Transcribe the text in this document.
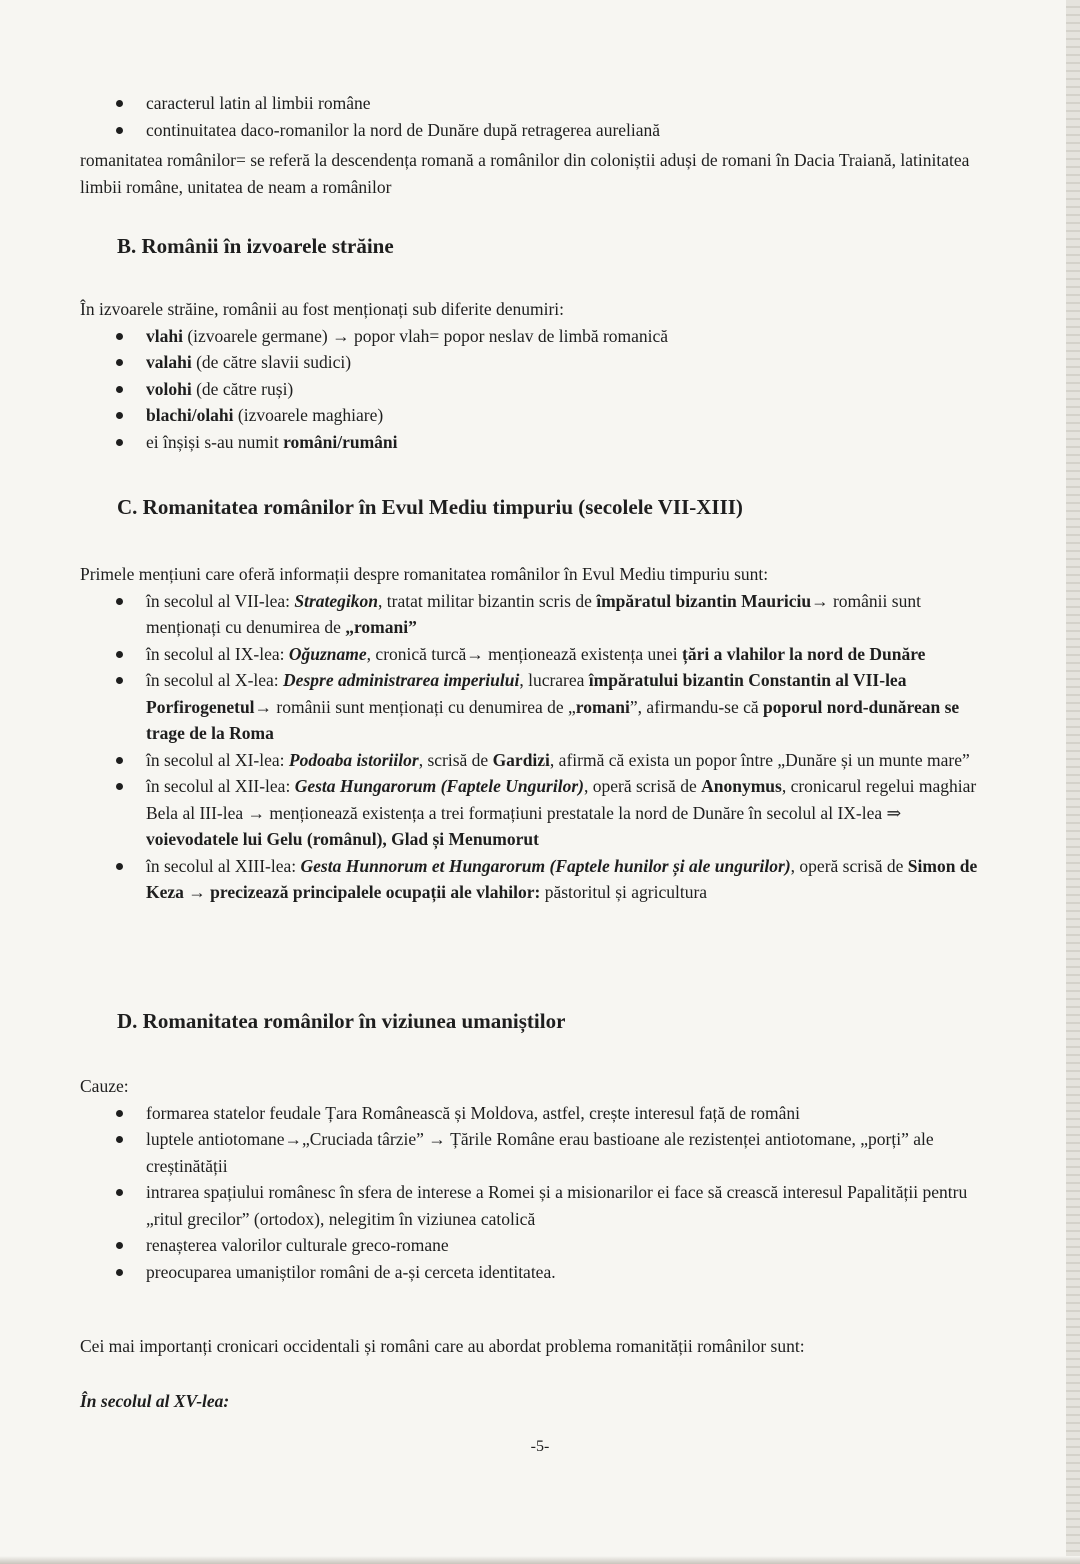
caracterul latin al limbii române
continuitatea daco-romanilor la nord de Dunăre după retragerea aureliană

romanitatea românilor= se referă la descendența romană a românilor din coloniștii aduși de romani în Dacia Traiană, latinitatea limbii române, unitatea de neam a românilor

B. Românii în izvoarele străine

În izvoarele străine, românii au fost menționați sub diferite denumiri:

vlahi (izvoarele germane) → popor vlah= popor neslav de limbă romanică
valahi (de către slavii sudici)
volohi (de către ruși)
blachi/olahi (izvoarele maghiare)
ei înșiși s-au numit români/rumâni
C. Romanitatea românilor în Evul Mediu timpuriu (secolele VII-XIII)

Primele mențiuni care oferă informații despre romanitatea românilor în Evul Mediu timpuriu sunt:

în secolul al VII-lea: Strategikon, tratat militar bizantin scris de împăratul bizantin Mauriciu→ românii sunt menționați cu denumirea de „romani”
în secolul al IX-lea: Oğuzname, cronică turcă→ menționează existența unei țări a vlahilor la nord de Dunăre
în secolul al X-lea: Despre administrarea imperiului, lucrarea împăratului bizantin Constantin al VII-lea Porfirogenetul→ românii sunt menționați cu denumirea de „romani”, afirmandu-se că poporul nord-dunărean se trage de la Roma
în secolul al XI-lea: Podoaba istoriilor, scrisă de Gardizi, afirmă că exista un popor între „Dunăre și un munte mare”
în secolul al XII-lea: Gesta Hungarorum (Faptele Ungurilor), operă scrisă de Anonymus, cronicarul regelui maghiar Bela al III-lea → menționează existența a trei formațiuni prestatale la nord de Dunăre în secolul al IX-lea ⇒ voievodatele lui Gelu (românul), Glad și Menumorut
în secolul al XIII-lea: Gesta Hunnorum et Hungarorum (Faptele hunilor și ale ungurilor), operă scrisă de Simon de Keza → precizează principalele ocupații ale vlahilor: păstoritul și agricultura
D. Romanitatea românilor în viziunea umaniștilor

Cauze:

formarea statelor feudale Țara Românească și Moldova, astfel, crește interesul față de români
luptele antiotomane→„Cruciada târzie” → Țările Române erau bastioane ale rezistenței antiotomane, „porți” ale creștinătății
intrarea spațiului românesc în sfera de interese a Romei și a misionarilor ei face să crească interesul Papalității pentru „ritul grecilor” (ortodox), nelegitim în viziunea catolică
renașterea valorilor culturale greco-romane
preocuparea umaniștilor români de a-și cerceta identitatea.

Cei mai importanți cronicari occidentali și români care au abordat problema romanității românilor sunt:

În secolul al XV-lea:

-5-
